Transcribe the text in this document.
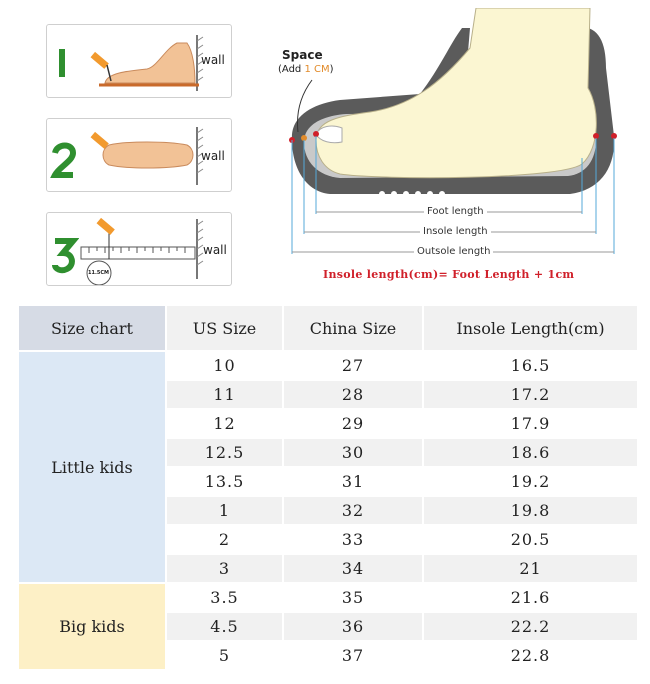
wall
wall
11.5CM
wall
Space
(Add 1 CM)
Foot length
Insole length
Outsole length
Insole length(cm)= Foot Length + 1cm
Size chart	US Size	China Size	Insole Length(cm)
Little kids	10	27	16.5
	11	28	17.2
	12	29	17.9
	12.5	30	18.6
	13.5	31	19.2
	1	32	19.8
	2	33	20.5
	3	34	21
Big kids	3.5	35	21.6
	4.5	36	22.2
	5	37	22.8
